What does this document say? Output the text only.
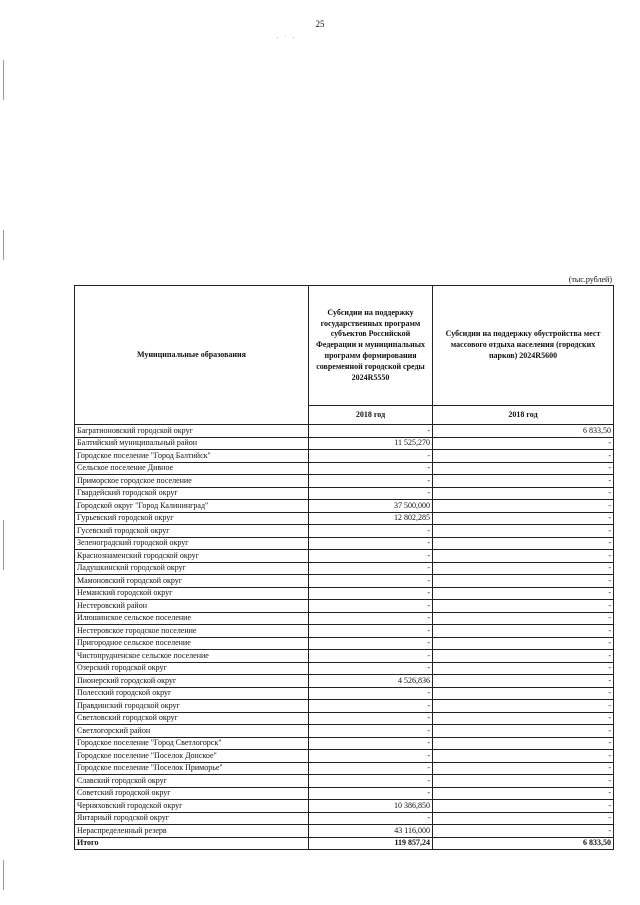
25
· ˙ ·
(тыс.рублей)
Муниципальные образования	Субсидии на поддержку государственных программ субъектов Российской Федерации и муниципальных программ формирования современной городской среды 2024R5550	Субсидии на поддержку обустройства мест массового отдыха населения (городских парков) 2024R5600
	2018 год	2018 год
Багратионовский городской округ	-	6 833,50
Балтийский муниципальный район	11 525,270	-
Городское поселение "Город Балтийск"	-	-
Сельское поселение Дивное	-	-
Приморское городское поселение	-	-
Гвардейский городской округ	-	-
Городской округ "Город Калининград"	37 500,000	-
Гурьевский городской округ	12 802,285	-
Гусевский городской округ	-	-
Зеленоградский городской округ	-	-
Краснознаменский городской округ	-	-
Ладушкинский городской округ	-	-
Мамоновский городской округ	-	-
Неманский городской округ	-	-
Нестеровский район	-	-
Илюшинское сельское поселение	-	-
Нестеровское городское поселение	-	-
Пригородное сельское поселение	-	-
Чистопрудненское сельское поселение	-	-
Озерский городской округ	-	-
Пионерский городской округ	4 526,836	-
Полесский городской округ	-	-
Правдинский городской округ	-	-
Светловский городской округ	-	-
Светлогорский район	-	-
Городское поселение "Город Светлогорск"	-	-
Городское поселение "Поселок Донское"	-	-
Городское поселение "Поселок Приморье"	-	-
Славский городской округ	-	-
Советский городской округ	-	-
Черняховский городской округ	10 386,850	-
Янтарный городской округ	-	-
Нераспределенный резерв	43 116,000	-
Итого	119 857,24	6 833,50
